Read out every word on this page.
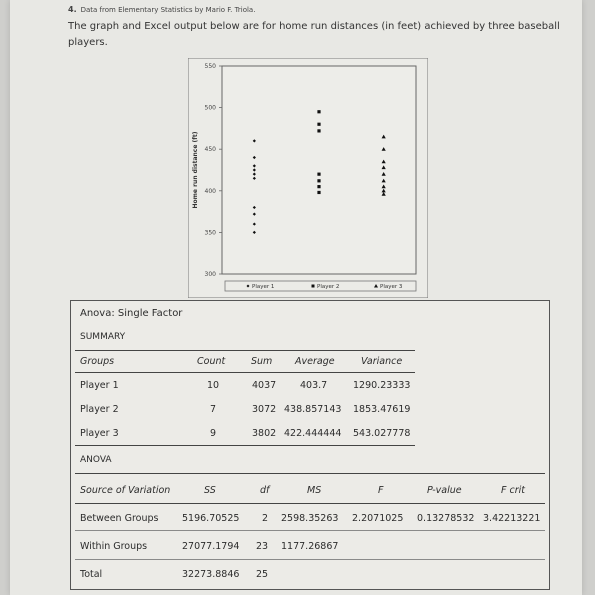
4. Data from Elementary Statistics by Mario F. Triola.
The graph and Excel output below are for home run distances (in feet) achieved by three baseball players.
300
350
400
450
500
550
Home run distance (ft)
Player 1	Player 2	Player 3
Anova: Single Factor
SUMMARY
Groups	Count	Sum Average	Variance
Player 1	10	4037	403.7	1290.23333
Player 2	7	3072 438.857143 1853.47619
Player 3	9	3802 422.444444 543.027778
ANOVA
Source of Variation	SS	df	MS	F	P-value	F crit
Between Groups 5196.70525 2 2598.35263 2.2071025 0.13278532 3.42213221
Within Groups	27077.1794 23 1177.26867
Total	32273.8846 25
